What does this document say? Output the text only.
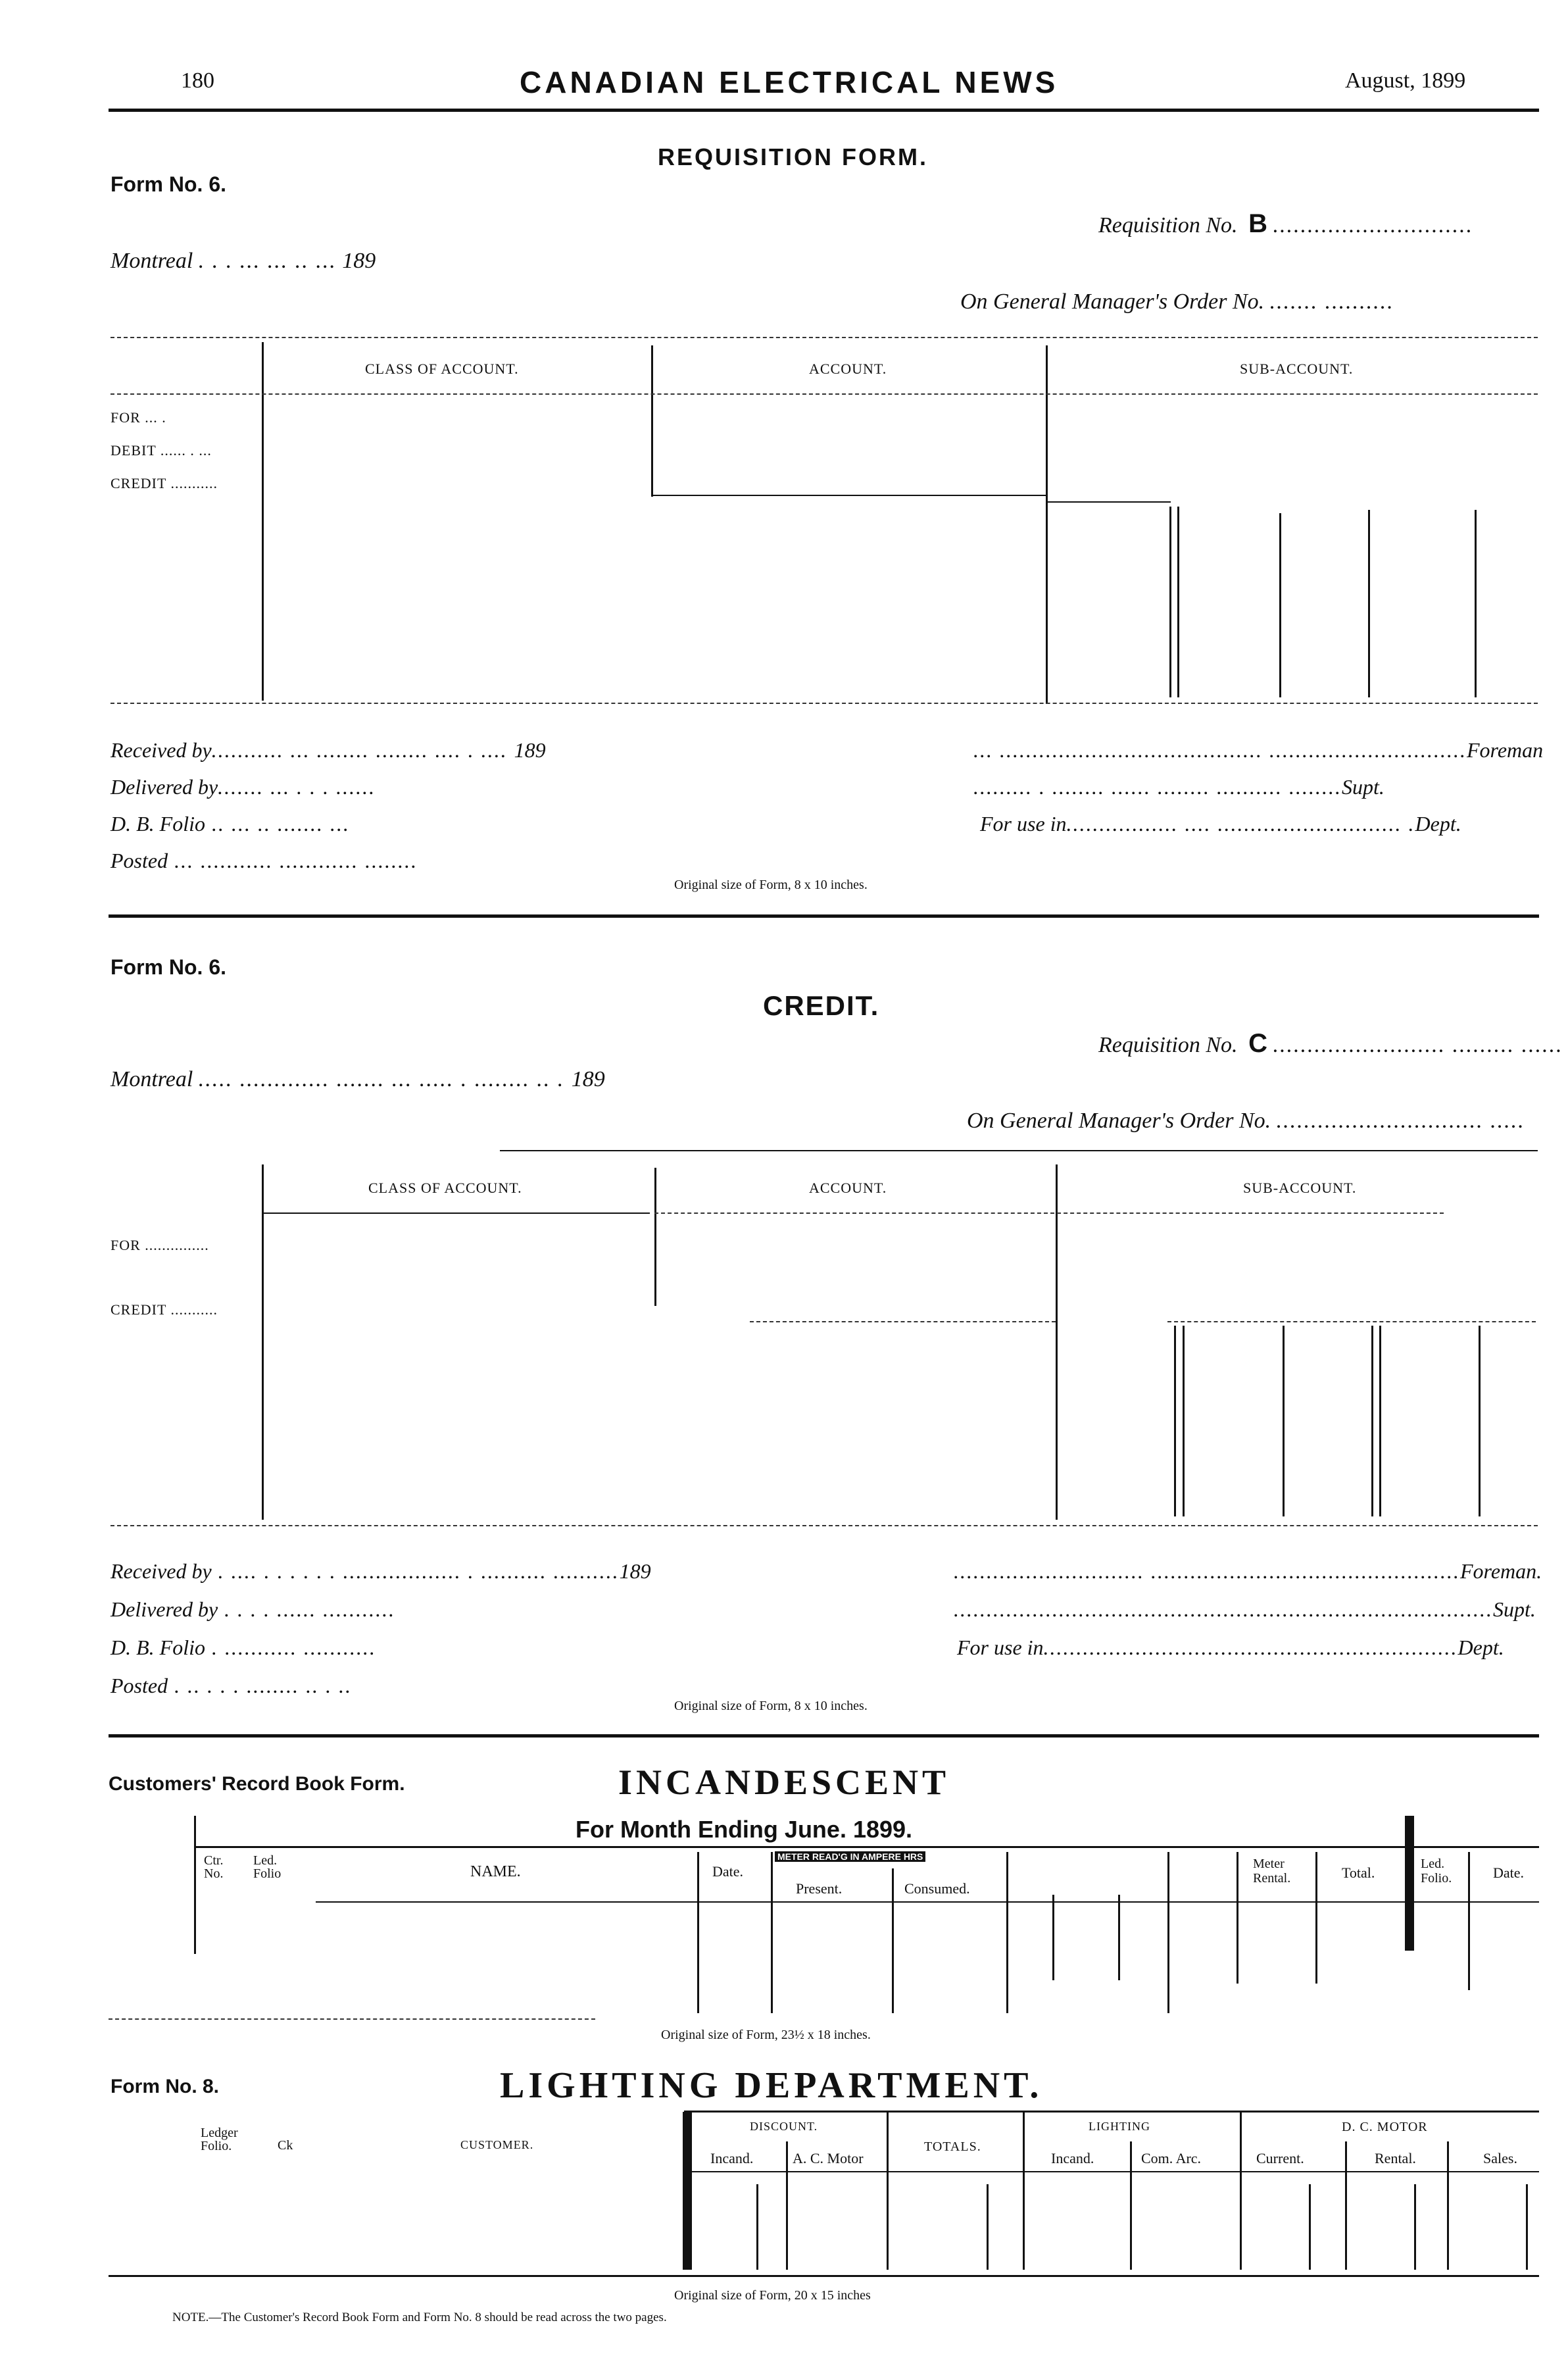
180	CANADIAN ELECTRICAL NEWS	August, 1899
REQUISITION FORM.
Form No. 6.
Requisition No. B .............................
Montreal . . . ... ... .. ... 189
On General Manager's Order No. ....... ..........
CLASS OF ACCOUNT.	ACCOUNT.	SUB-ACCOUNT.
FOR ... .
DEBIT ...... . ...
CREDIT ...........
Received by........... ... ........ ........ .... . .... 189
Delivered by....... ... . . . ......
D. B. Folio .. ... .. ....... ...
Posted ... ........... ............ ........
... ........................................ ..............................Foreman
......... . ........ ...... ........ .......... ........Supt.
For use in................. .... ............................ .Dept.
Original size of Form, 8 x 10 inches.
Form No. 6.
CREDIT.
Requisition No. C ......................... ......... ......
Montreal ..... ............. ....... ... ..... . ........ .. . 189
On General Manager's Order No. .............................. .....
CLASS OF ACCOUNT.	ACCOUNT.	SUB-ACCOUNT.
FOR ...............
CREDIT ...........
Received by . .... . . . . . . .................. . .......... ..........189
Delivered by . . . . ...... ...........
D. B. Folio . ........... ...........
Posted . .. . . . ........ .. . ..
............................. ...............................................Foreman.
..................................................................................Supt.
For use in...............................................................Dept.
Original size of Form, 8 x 10 inches.
Customers' Record Book Form.	INCANDESCENT
For Month Ending June. 1899.
Ctr. No.
Led. Folio	NAME.	Date.
METER READ'G IN AMPERE HRS
Present.	Consumed.
Meter Rental.	Total.
Led. Folio.	Date.
Original size of Form, 23½ x 18 inches.
Form No. 8.	LIGHTING DEPARTMENT.
Ledger Folio.	Ck	CUSTOMER.
DISCOUNT.
Incand.	A. C. Motor
TOTALS.
LIGHTING
Incand.	Com. Arc.
D. C. MOTOR
Current.	Rental.	Sales.
Original size of Form, 20 x 15 inches
NOTE.—The Customer's Record Book Form and Form No. 8 should be read across the two pages.
